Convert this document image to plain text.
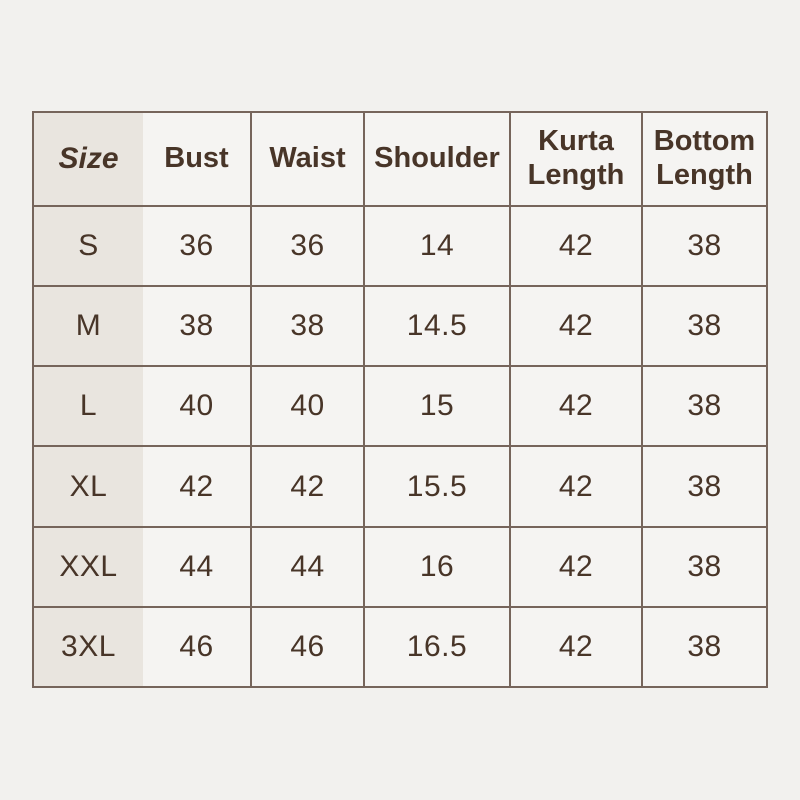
Size	Bust	Waist	Shoulder	Kurta Length	Bottom Length
S	36	36	14	42	38
M	38	38	14.5	42	38
L	40	40	15	42	38
XL	42	42	15.5	42	38
XXL	44	44	16	42	38
3XL	46	46	16.5	42	38
